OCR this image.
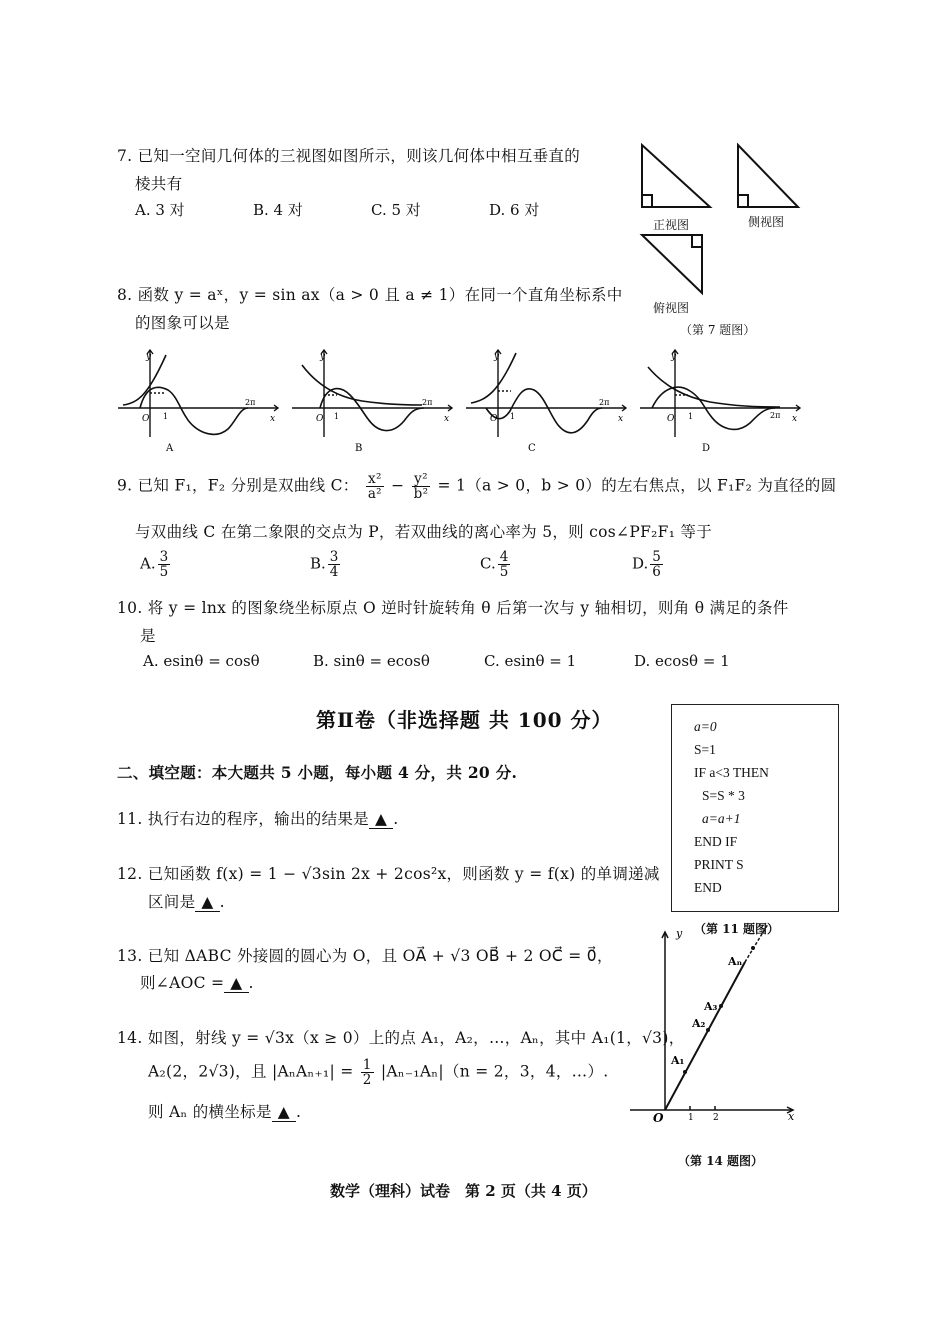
7. 已知一空间几何体的三视图如图所示，则该几何体中相互垂直的
棱共有
A. 3 对	B. 4 对	C. 5 对	D. 6 对
正视图	侧视图
俯视图
（第 7 题图）
8. 函数 y = aˣ，y = sin ax（a > 0 且 a ≠ 1）在同一个直角坐标系中
的图象可以是
y
x
O 1
2π
A
y
x
O 1
2π
B
y
x
O 1
2π
C
y
x
O 1	2π
D
9. 已知 F₁，F₂ 分别是双曲线 C： $\frac{\text{x²}}{\text{a²}} - \frac{\text{y²}}{\text{b²}} = 1(a > 0$，b > 0）的左右焦点，以 F₁F₂ 为直径的圆
与双曲线 C 在第二象限的交点为 P，若双曲线的离心率为 5，则 cos∠PF₂F₁ 等于
A. $\frac{3}{5}$	B. $\frac{3}{4}$	C. $\frac{4}{5}$	D. $\frac{5}{6}$
10. 将 y = lnx 的图象绕坐标原点 O 逆时针旋转角 θ 后第一次与 y 轴相切，则角 θ 满足的条件
是
A. esinθ = cosθ	B. sinθ = ecosθ	C. esinθ = 1	D. ecosθ = 1
第Ⅱ卷（非选择题 共 100 分）
二、填空题：本大题共 5 小题，每小题 4 分，共 20 分.
a=0
S=1
IF a<3 THEN
S=S * 3
a=a+1
END IF
PRINT S
END
（第 11 题图）
11. 执行右边的程序，输出的结果是 ▲ .
12. 已知函数 f(x) = 1 − √3sin 2x + 2cos²x，则函数 y = f(x) 的单调递减
区间是 ▲ .
13. 已知 ΔABC 外接圆的圆心为 O，且 OA⃗ + √3 OB⃗ + 2 OC⃗ = 0⃗，
则∠AOC = ▲ .
14. 如图，射线 y = √3x（x ≥ 0）上的点 A₁，A₂，…，Aₙ，其中 A₁(1，√3)，
A₂(2，2√3)，且 $|A_nA_{n+1}| = \frac{1}{2} |A_{n-1}A_n|(n = 2$，3，4，…）.
则 Aₙ 的横坐标是 ▲ .
y
x
O	1 2
A₁
A₂
A₃
Aₙ
（第 14 题图）
数学（理科）试卷　第 2 页（共 4 页）
